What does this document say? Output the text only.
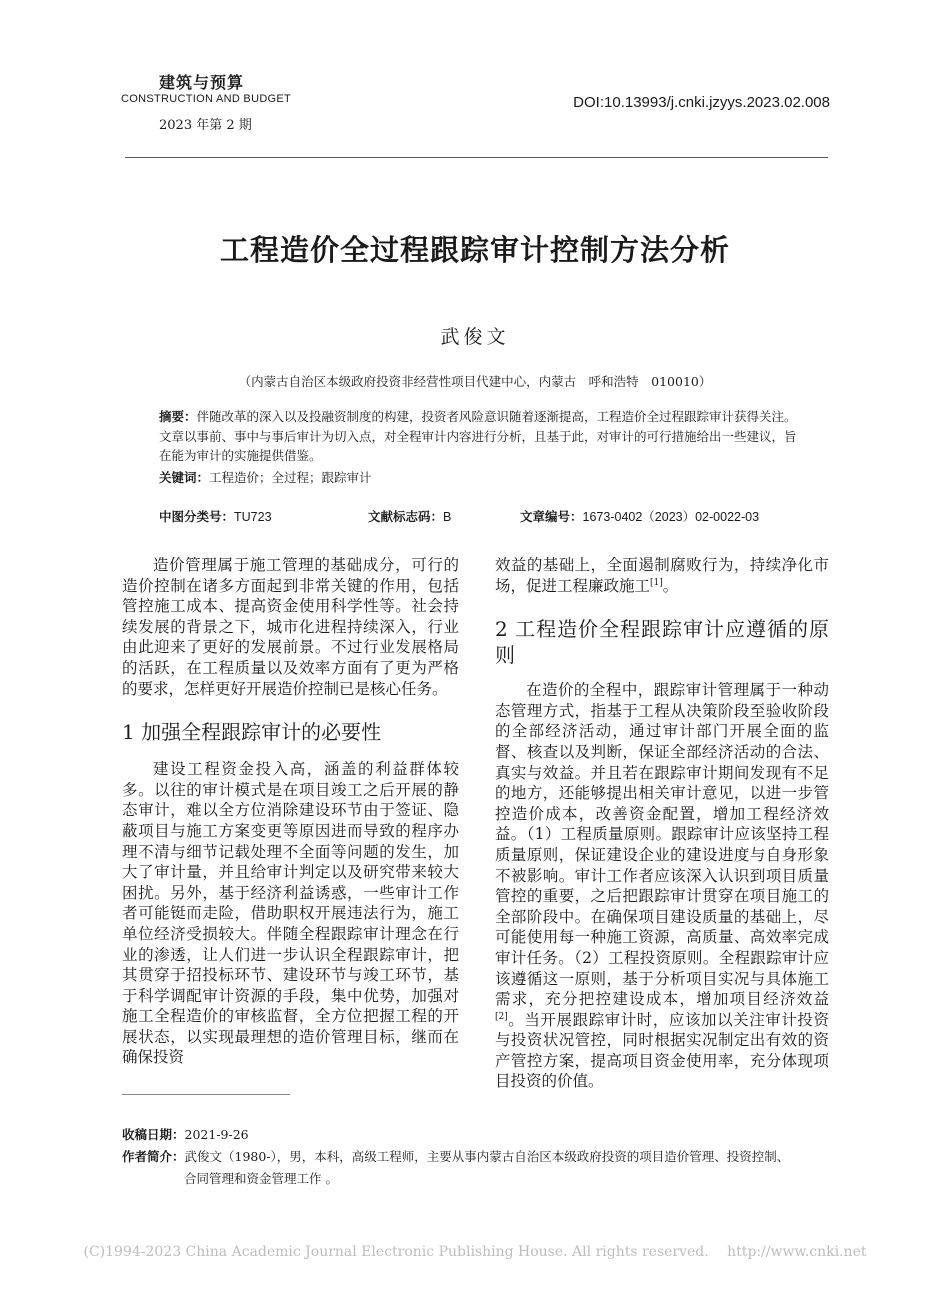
建筑与预算
CONSTRUCTION AND BUDGET
2023 年第 2 期
DOI:10.13993/j.cnki.jzyys.2023.02.008
工程造价全过程跟踪审计控制方法分析
武俊文
（内蒙古自治区本级政府投资非经营性项目代建中心，内蒙古　呼和浩特　010010）
摘要：伴随改革的深入以及投融资制度的构建，投资者风险意识随着逐渐提高，工程造价全过程跟踪审计获得关注。文章以事前、事中与事后审计为切入点，对全程审计内容进行分析，且基于此，对审计的可行措施给出一些建议，旨在能为审计的实施提供借鉴。
关键词：工程造价；全过程；跟踪审计
中图分类号：TU723	文献标志码：B	文章编号：1673-0402（2023）02-0022-03

造价管理属于施工管理的基础成分，可行的造价控制在诸多方面起到非常关键的作用，包括管控施工成本、提高资金使用科学性等。社会持续发展的背景之下，城市化进程持续深入，行业由此迎来了更好的发展前景。不过行业发展格局的活跃，在工程质量以及效率方面有了更为严格的要求，怎样更好开展造价控制已是核心任务。

1 加强全程跟踪审计的必要性

建设工程资金投入高，涵盖的利益群体较多。以往的审计模式是在项目竣工之后开展的静态审计，难以全方位消除建设环节由于签证、隐蔽项目与施工方案变更等原因进而导致的程序办理不清与细节记载处理不全面等问题的发生，加大了审计量，并且给审计判定以及研究带来较大困扰。另外，基于经济利益诱惑，一些审计工作者可能铤而走险，借助职权开展违法行为，施工单位经济受损较大。伴随全程跟踪审计理念在行业的渗透，让人们进一步认识全程跟踪审计，把其贯穿于招投标环节、建设环节与竣工环节，基于科学调配审计资源的手段，集中优势，加强对施工全程造价的审核监督，全方位把握工程的开展状态，以实现最理想的造价管理目标，继而在确保投资

效益的基础上，全面遏制腐败行为，持续净化市场，促进工程廉政施工[1]。

2 工程造价全程跟踪审计应遵循的原则

在造价的全程中，跟踪审计管理属于一种动态管理方式，指基于工程从决策阶段至验收阶段的全部经济活动，通过审计部门开展全面的监督、核查以及判断，保证全部经济活动的合法、真实与效益。并且若在跟踪审计期间发现有不足的地方，还能够提出相关审计意见，以进一步管控造价成本，改善资金配置，增加工程经济效益。（1）工程质量原则。跟踪审计应该坚持工程质量原则，保证建设企业的建设进度与自身形象不被影响。审计工作者应该深入认识到项目质量管控的重要，之后把跟踪审计贯穿在项目施工的全部阶段中。在确保项目建设质量的基础上，尽可能使用每一种施工资源，高质量、高效率完成审计任务。（2）工程投资原则。全程跟踪审计应该遵循这一原则，基于分析项目实况与具体施工需求，充分把控建设成本，增加项目经济效益[2]。当开展跟踪审计时，应该加以关注审计投资与投资状况管控，同时根据实况制定出有效的资产管控方案，提高项目资金使用率，充分体现项目投资的价值。

收稿日期：2021-9-26
作者简介：武俊文（1980-），男，本科，高级工程师，主要从事内蒙古自治区本级政府投资的项目造价管理、投资控制、
合同管理和资金管理工作 。
(C)1994-2023 China Academic Journal Electronic Publishing House. All rights reserved.　 http://www.cnki.net
